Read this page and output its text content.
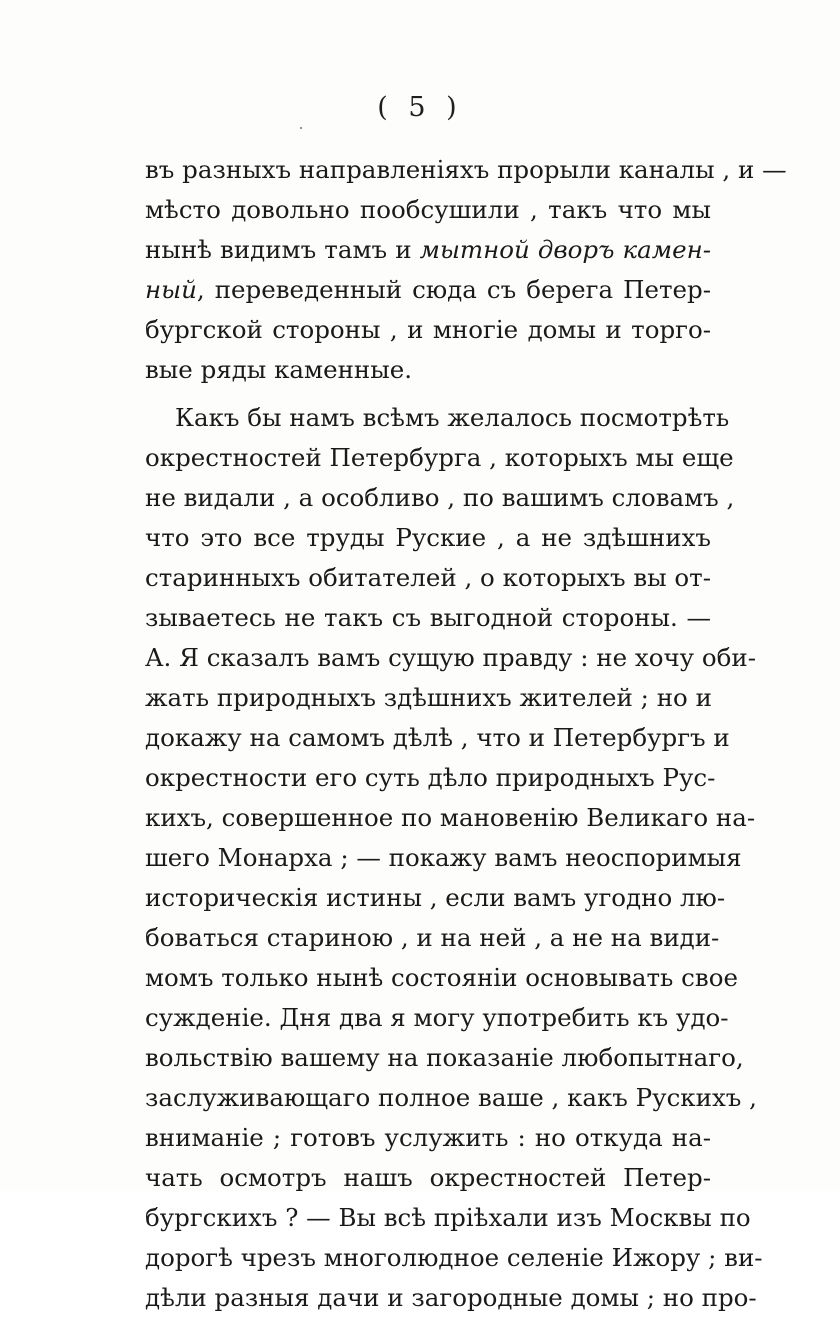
( 5 )
въ разныхъ направленіяхъ прорыли каналы , и —
мѣсто довольно пообсушили , такъ что мы
нынѣ видимъ тамъ и мытной дворъ камен-
ный, переведенный сюда съ берега Петер-
бургской стороны , и многіе домы и торго-
вые ряды каменные.
Какъ бы намъ всѣмъ желалось посмотрѣть
окрестностей Петербурга , которыхъ мы еще
не видали , а особливо , по вашимъ словамъ ,
что это все труды Руские , а не здѣшнихъ
старинныхъ обитателей , о которыхъ вы от-
зываетесь не такъ съ выгодной стороны. —
А. Я сказалъ вамъ сущую правду : не хочу оби-
жать природныхъ здѣшнихъ жителей ; но и
докажу на самомъ дѣлѣ , что и Петербургъ и
окрестности его суть дѣло природныхъ Рус-
кихъ, совершенное по мановенію Великаго на-
шего Монарха ; — покажу вамъ неоспоримыя
историческія истины , если вамъ угодно лю-
боваться стариною , и на ней , а не на види-
момъ только нынѣ состояніи основывать свое
сужденіе. Дня два я могу употребить къ удо-
вольствію вашему на показаніе любопытнаго,
заслуживающаго полное ваше , какъ Рускихъ ,
вниманіе ; готовъ услужить : но откуда на-
чать осмотръ нашъ окрестностей Петер-
бургскихъ ? — Вы всѣ пріѣхали изъ Москвы по
дорогѣ чрезъ многолюдное селеніе Ижору ; ви-
дѣли разныя дачи и загородные домы ; но про-
